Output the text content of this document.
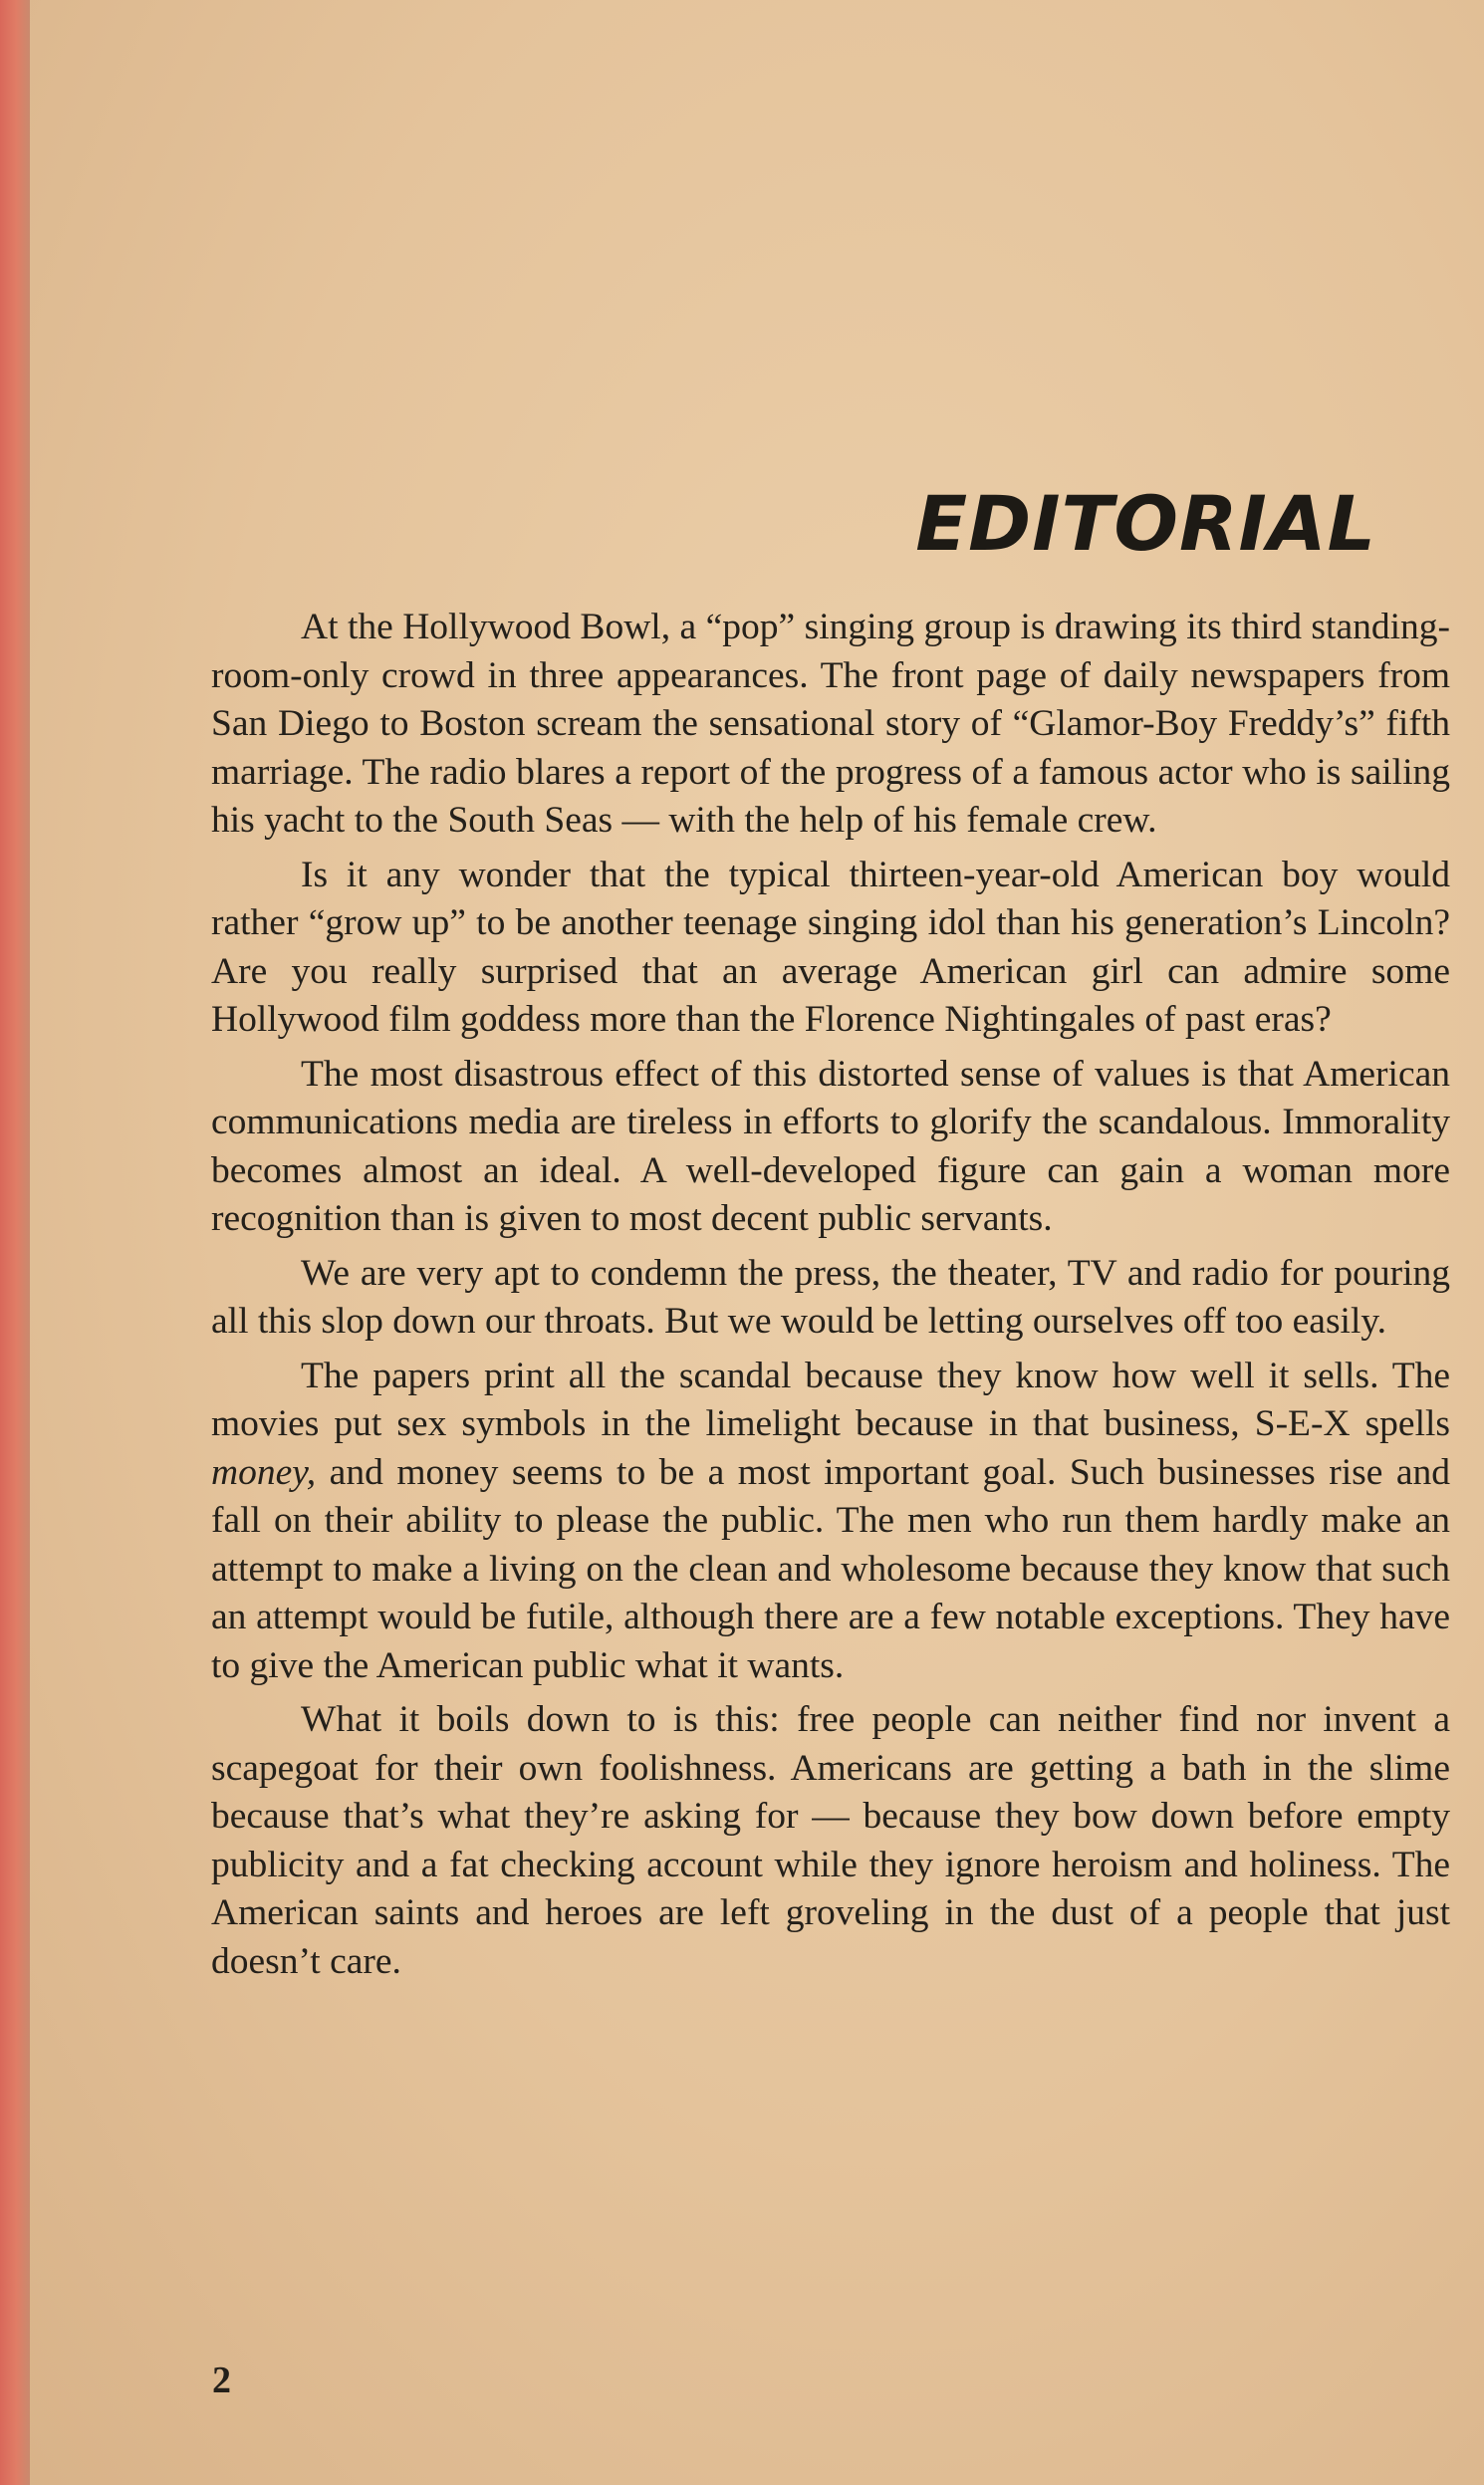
EDITORIAL

At the Hollywood Bowl, a “pop” singing group is drawing its third standing-room-only crowd in three appearances. The front page of daily newspapers from San Diego to Boston scream the sensational story of “Glamor-Boy Freddy’s” fifth marriage. The radio blares a report of the progress of a famous actor who is sailing his yacht to the South Seas — with the help of his female crew.

Is it any wonder that the typical thirteen-year-old American boy would rather “grow up” to be another teenage singing idol than his generation’s Lincoln? Are you really surprised that an average American girl can admire some Hollywood film goddess more than the Florence Nightingales of past eras?

The most disastrous effect of this distorted sense of values is that American communications media are tireless in efforts to glorify the scandalous. Immorality becomes almost an ideal. A well-developed figure can gain a woman more recognition than is given to most decent public servants.

We are very apt to condemn the press, the theater, TV and radio for pouring all this slop down our throats. But we would be letting ourselves off too easily.

The papers print all the scandal because they know how well it sells. The movies put sex symbols in the limelight because in that business, S-E-X spells money, and money seems to be a most important goal. Such businesses rise and fall on their ability to please the public. The men who run them hardly make an attempt to make a living on the clean and wholesome because they know that such an attempt would be futile, although there are a few notable exceptions. They have to give the American public what it wants.

What it boils down to is this: free people can neither find nor invent a scapegoat for their own foolishness. Americans are getting a bath in the slime because that’s what they’re asking for — because they bow down before empty publicity and a fat checking account while they ignore heroism and holiness. The American saints and heroes are left groveling in the dust of a people that just doesn’t care.

2
